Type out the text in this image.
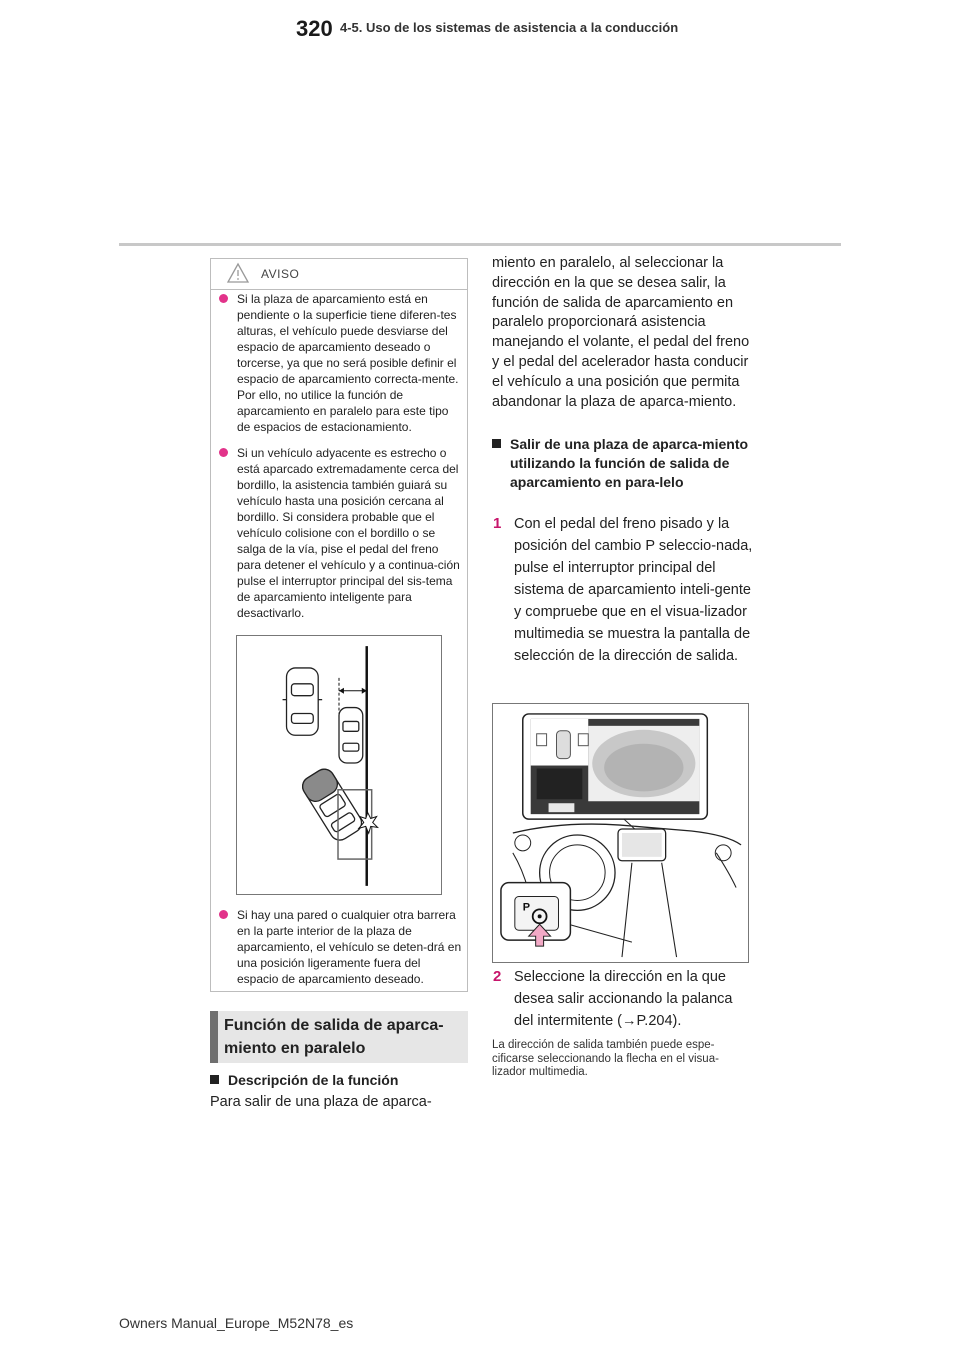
320 4-5. Uso de los sistemas de asistencia a la conducción
AVISO
Si la plaza de aparcamiento está en pendiente o la superficie tiene diferen-tes alturas, el vehículo puede desviarse del espacio de aparcamiento deseado o torcerse, ya que no será posible definir el espacio de aparcamiento correcta-mente. Por ello, no utilice la función de aparcamiento en paralelo para este tipo de espacios de estacionamiento.
Si un vehículo adyacente es estrecho o está aparcado extremadamente cerca del bordillo, la asistencia también guiará su vehículo hasta una posición cercana al bordillo. Si considera probable que el vehículo colisione con el bordillo o se salga de la vía, pise el pedal del freno para detener el vehículo y a continua-ción pulse el interruptor principal del sis-tema de aparcamiento inteligente para desactivarlo.
Si hay una pared o cualquier otra barrera en la parte interior de la plaza de aparcamiento, el vehículo se deten-drá en una posición ligeramente fuera del espacio de aparcamiento deseado.
Función de salida de aparca-miento en paralelo
Descripción de la función
Para salir de una plaza de aparca-
miento en paralelo, al seleccionar la dirección en la que se desea salir, la función de salida de aparcamiento en paralelo proporcionará asistencia manejando el volante, el pedal del freno y el pedal del acelerador hasta conducir el vehículo a una posición que permita abandonar la plaza de aparca-miento.
Salir de una plaza de aparca-miento utilizando la función de salida de aparcamiento en para-lelo
1 Con el pedal del freno pisado y la posición del cambio P seleccio-nada, pulse el interruptor principal del sistema de aparcamiento inteli-gente y compruebe que en el visua-lizador multimedia se muestra la pantalla de selección de la dirección de salida.
P
2 Seleccione la dirección en la que desea salir accionando la palanca del intermitente (→P.204).
La dirección de salida también puede espe-cificarse seleccionando la flecha en el visua-lizador multimedia.
Owners Manual_Europe_M52N78_es
